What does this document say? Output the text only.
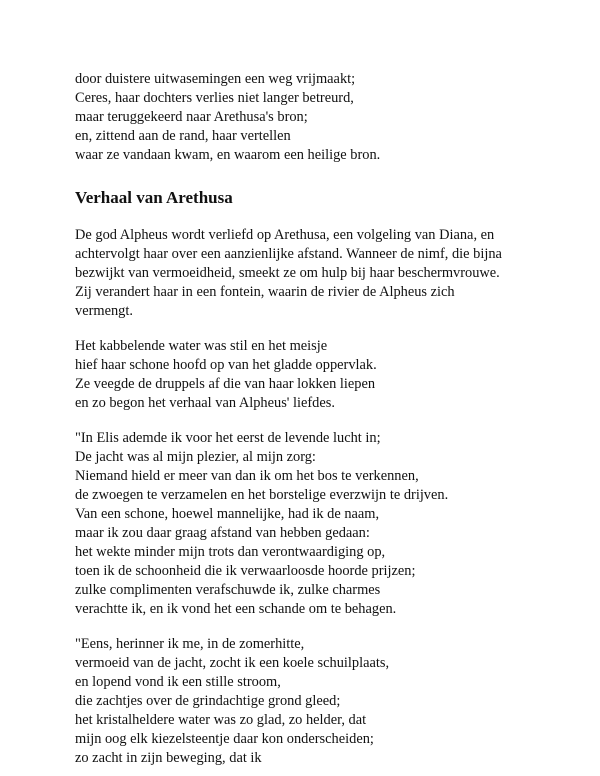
door duistere uitwasemingen een weg vrijmaakt;
Ceres, haar dochters verlies niet langer betreurd,
maar teruggekeerd naar Arethusa's bron;
en, zittend aan de rand, haar vertellen
waar ze vandaan kwam, en waarom een heilige bron.
Verhaal van Arethusa
De god Alpheus wordt verliefd op Arethusa, een volgeling van Diana, en
achtervolgt haar over een aanzienlijke afstand. Wanneer de nimf, die bijna
bezwijkt van vermoeidheid, smeekt ze om hulp bij haar beschermvrouwe.
Zij verandert haar in een fontein, waarin de rivier de Alpheus zich
vermengt.
Het kabbelende water was stil en het meisje
hief haar schone hoofd op van het gladde oppervlak.
Ze veegde de druppels af die van haar lokken liepen
en zo begon het verhaal van Alpheus' liefdes.
"In Elis ademde ik voor het eerst de levende lucht in;
De jacht was al mijn plezier, al mijn zorg:
Niemand hield er meer van dan ik om het bos te verkennen,
de zwoegen te verzamelen en het borstelige everzwijn te drijven.
Van een schone, hoewel mannelijke, had ik de naam,
maar ik zou daar graag afstand van hebben gedaan:
het wekte minder mijn trots dan verontwaardiging op,
toen ik de schoonheid die ik verwaarloosde hoorde prijzen;
zulke complimenten verafschuwde ik, zulke charmes
verachtte ik, en ik vond het een schande om te behagen.
"Eens, herinner ik me, in de zomerhitte,
vermoeid van de jacht, zocht ik een koele schuilplaats,
en lopend vond ik een stille stroom,
die zachtjes over de grindachtige grond gleed;
het kristalheldere water was zo glad, zo helder, dat
mijn oog elk kiezelsteentje daar kon onderscheiden;
zo zacht in zijn beweging, dat ik
